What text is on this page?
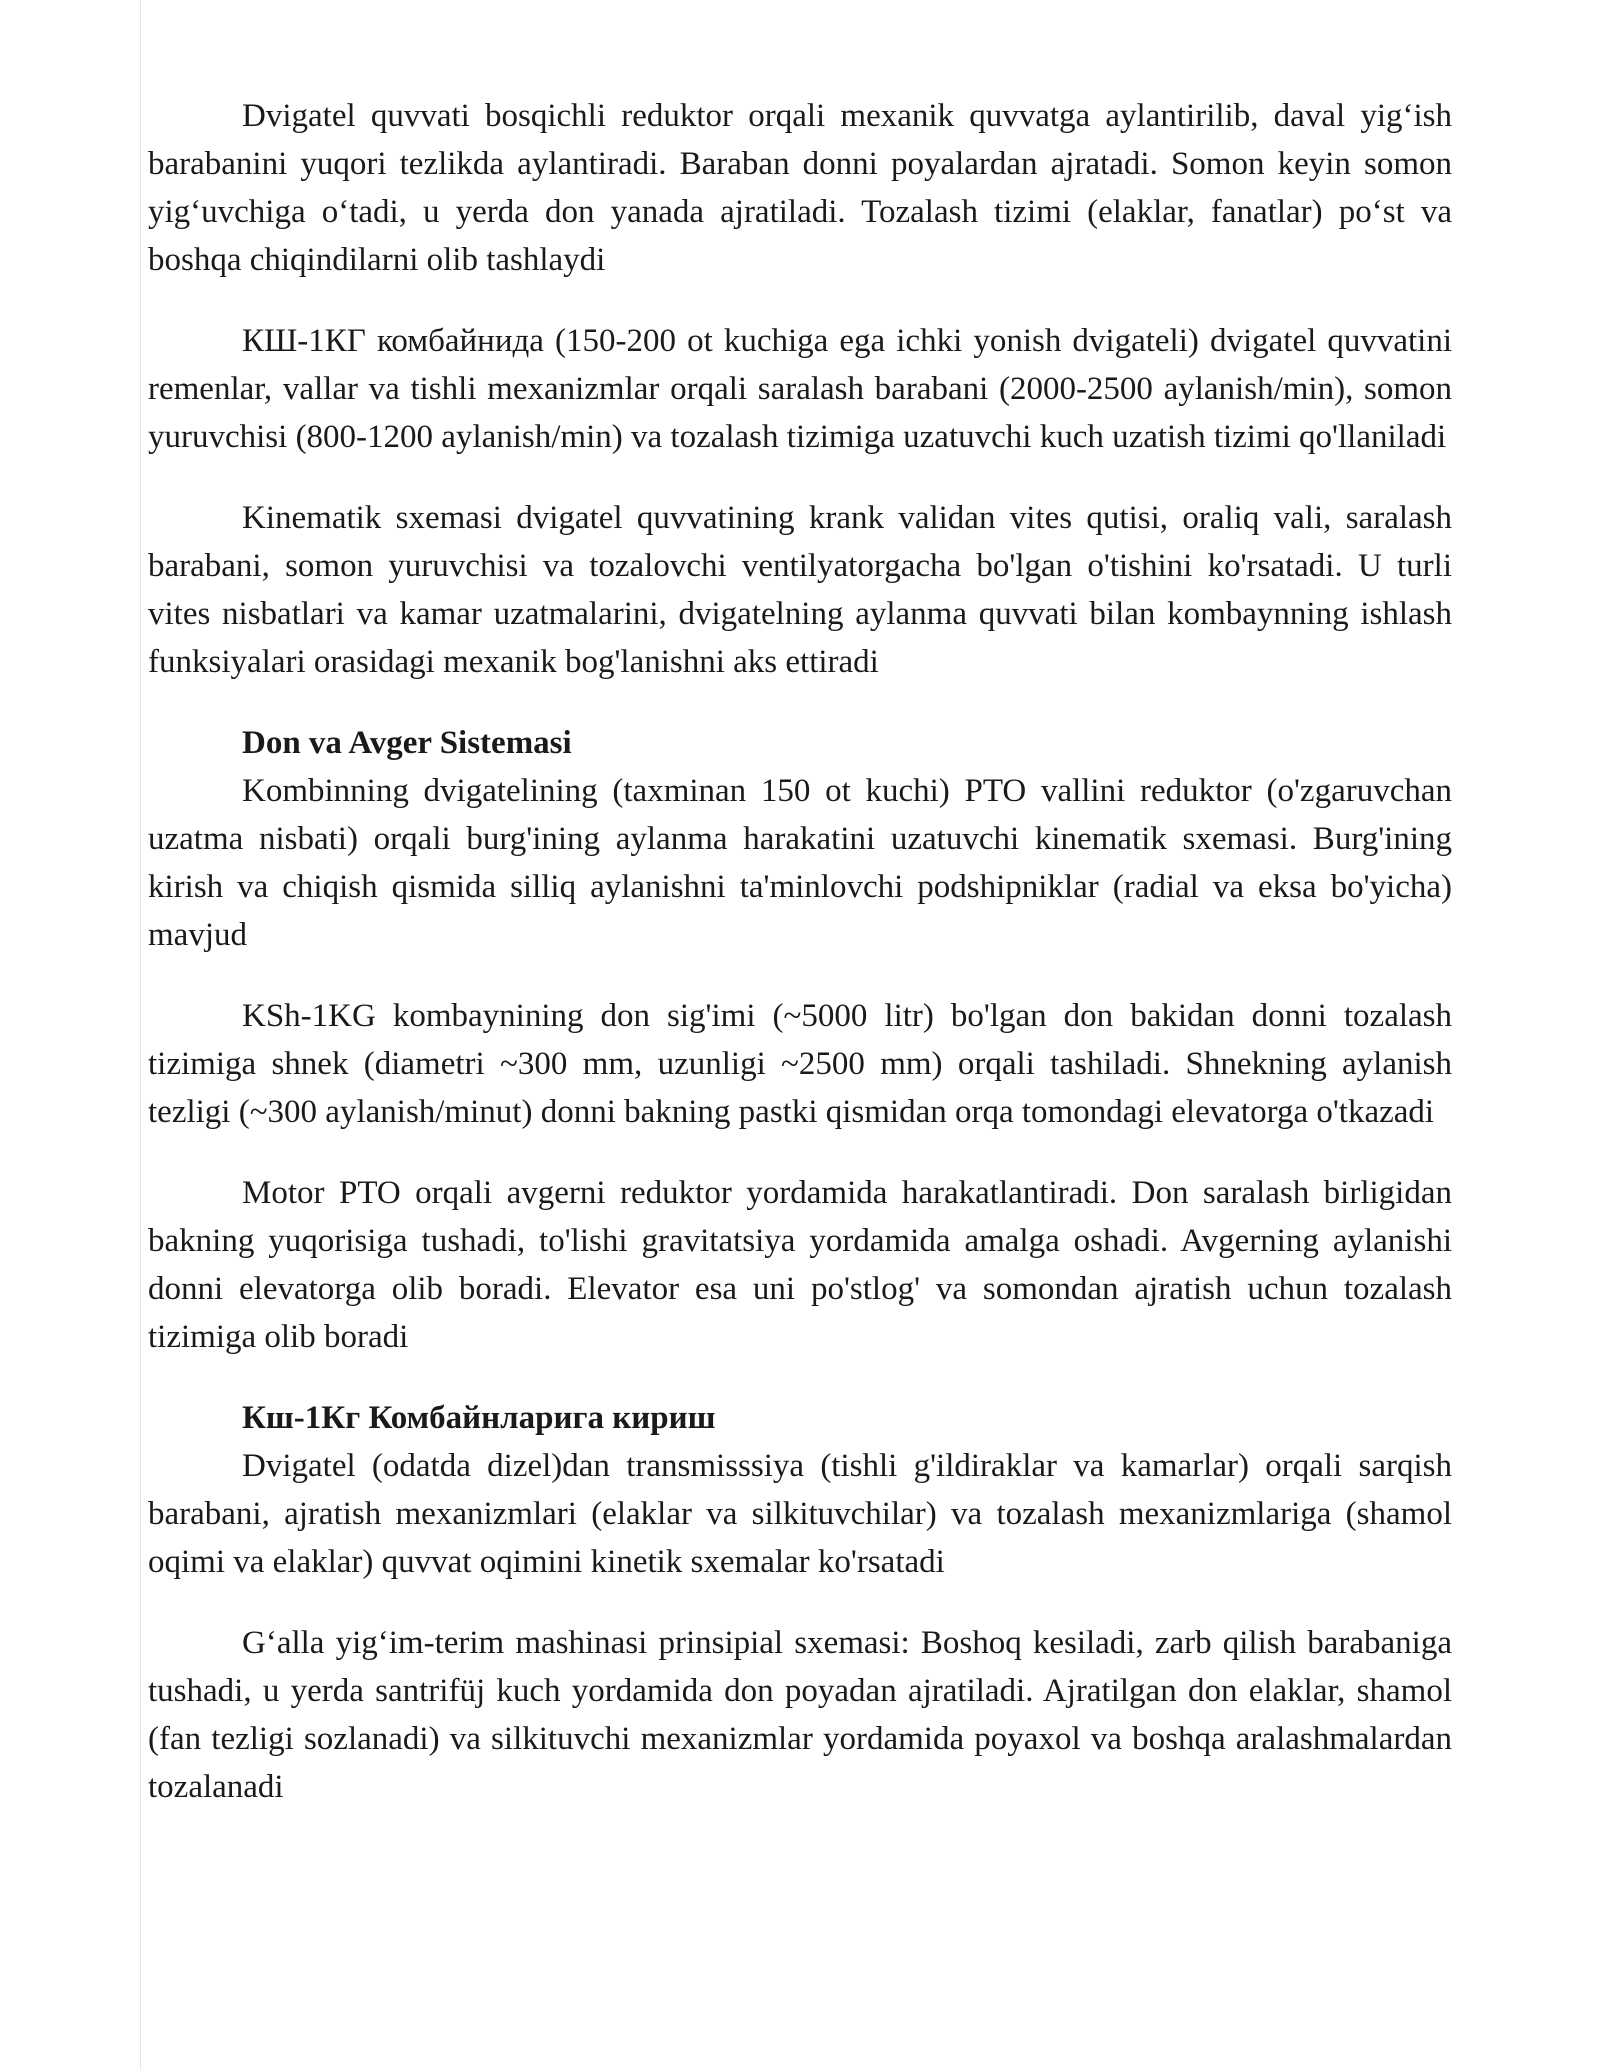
Dvigatel quvvati bosqichli reduktor orqali mexanik quvvatga aylantirilib, daval yig‘ish barabanini yuqori tezlikda aylantiradi. Baraban donni poyalardan ajratadi. Somon keyin somon yig‘uvchiga o‘tadi, u yerda don yanada ajratiladi. Tozalash tizimi (elaklar, fanatlar) po‘st va boshqa chiqindilarni olib tashlaydi

КШ-1КГ комбайнида (150-200 ot kuchiga ega ichki yonish dvigateli) dvigatel quvvatini remenlar, vallar va tishli mexanizmlar orqali saralash barabani (2000-2500 aylanish/min), somon yuruvchisi (800-1200 aylanish/min) va tozalash tizimiga uzatuvchi kuch uzatish tizimi qo'llaniladi

Kinematik sxemasi dvigatel quvvatining krank validan vites qutisi, oraliq vali, saralash barabani, somon yuruvchisi va tozalovchi ventilyatorgacha bo'lgan o'tishini ko'rsatadi. U turli vites nisbatlari va kamar uzatmalarini, dvigatelning aylanma quvvati bilan kombaynning ishlash funksiyalari orasidagi mexanik bog'lanishni aks ettiradi

Don va Avger Sistemasi

Kombinning dvigatelining (taxminan 150 ot kuchi) PTO vallini reduktor (o'zgaruvchan uzatma nisbati) orqali burg'ining aylanma harakatini uzatuvchi kinematik sxemasi. Burg'ining kirish va chiqish qismida silliq aylanishni ta'minlovchi podshipniklar (radial va eksa bo'yicha) mavjud

KSh-1KG kombaynining don sig'imi (~5000 litr) bo'lgan don bakidan donni tozalash tizimiga shnek (diametri ~300 mm, uzunligi ~2500 mm) orqali tashiladi. Shnekning aylanish tezligi (~300 aylanish/minut) donni bakning pastki qismidan orqa tomondagi elevatorga o'tkazadi

Motor PTO orqali avgerni reduktor yordamida harakatlantiradi. Don saralash birligidan bakning yuqorisiga tushadi, to'lishi gravitatsiya yordamida amalga oshadi. Avgerning aylanishi donni elevatorga olib boradi. Elevator esa uni po'stlog' va somondan ajratish uchun tozalash tizimiga olib boradi

Кш-1Кг Комбайнларига кириш

Dvigatel (odatda dizel)dan transmisssiya (tishli g'ildiraklar va kamarlar) orqali sarqish barabani, ajratish mexanizmlari (elaklar va silkituvchilar) va tozalash mexanizmlariga (shamol oqimi va elaklar) quvvat oqimini kinetik sxemalar ko'rsatadi

G‘alla yig‘im-terim mashinasi prinsipial sxemasi: Boshoq kesiladi, zarb qilish barabaniga tushadi, u yerda santrifüj kuch yordamida don poyadan ajratiladi. Ajratilgan don elaklar, shamol (fan tezligi sozlanadi) va silkituvchi mexanizmlar yordamida poyaxol va boshqa aralashmalardan tozalanadi
